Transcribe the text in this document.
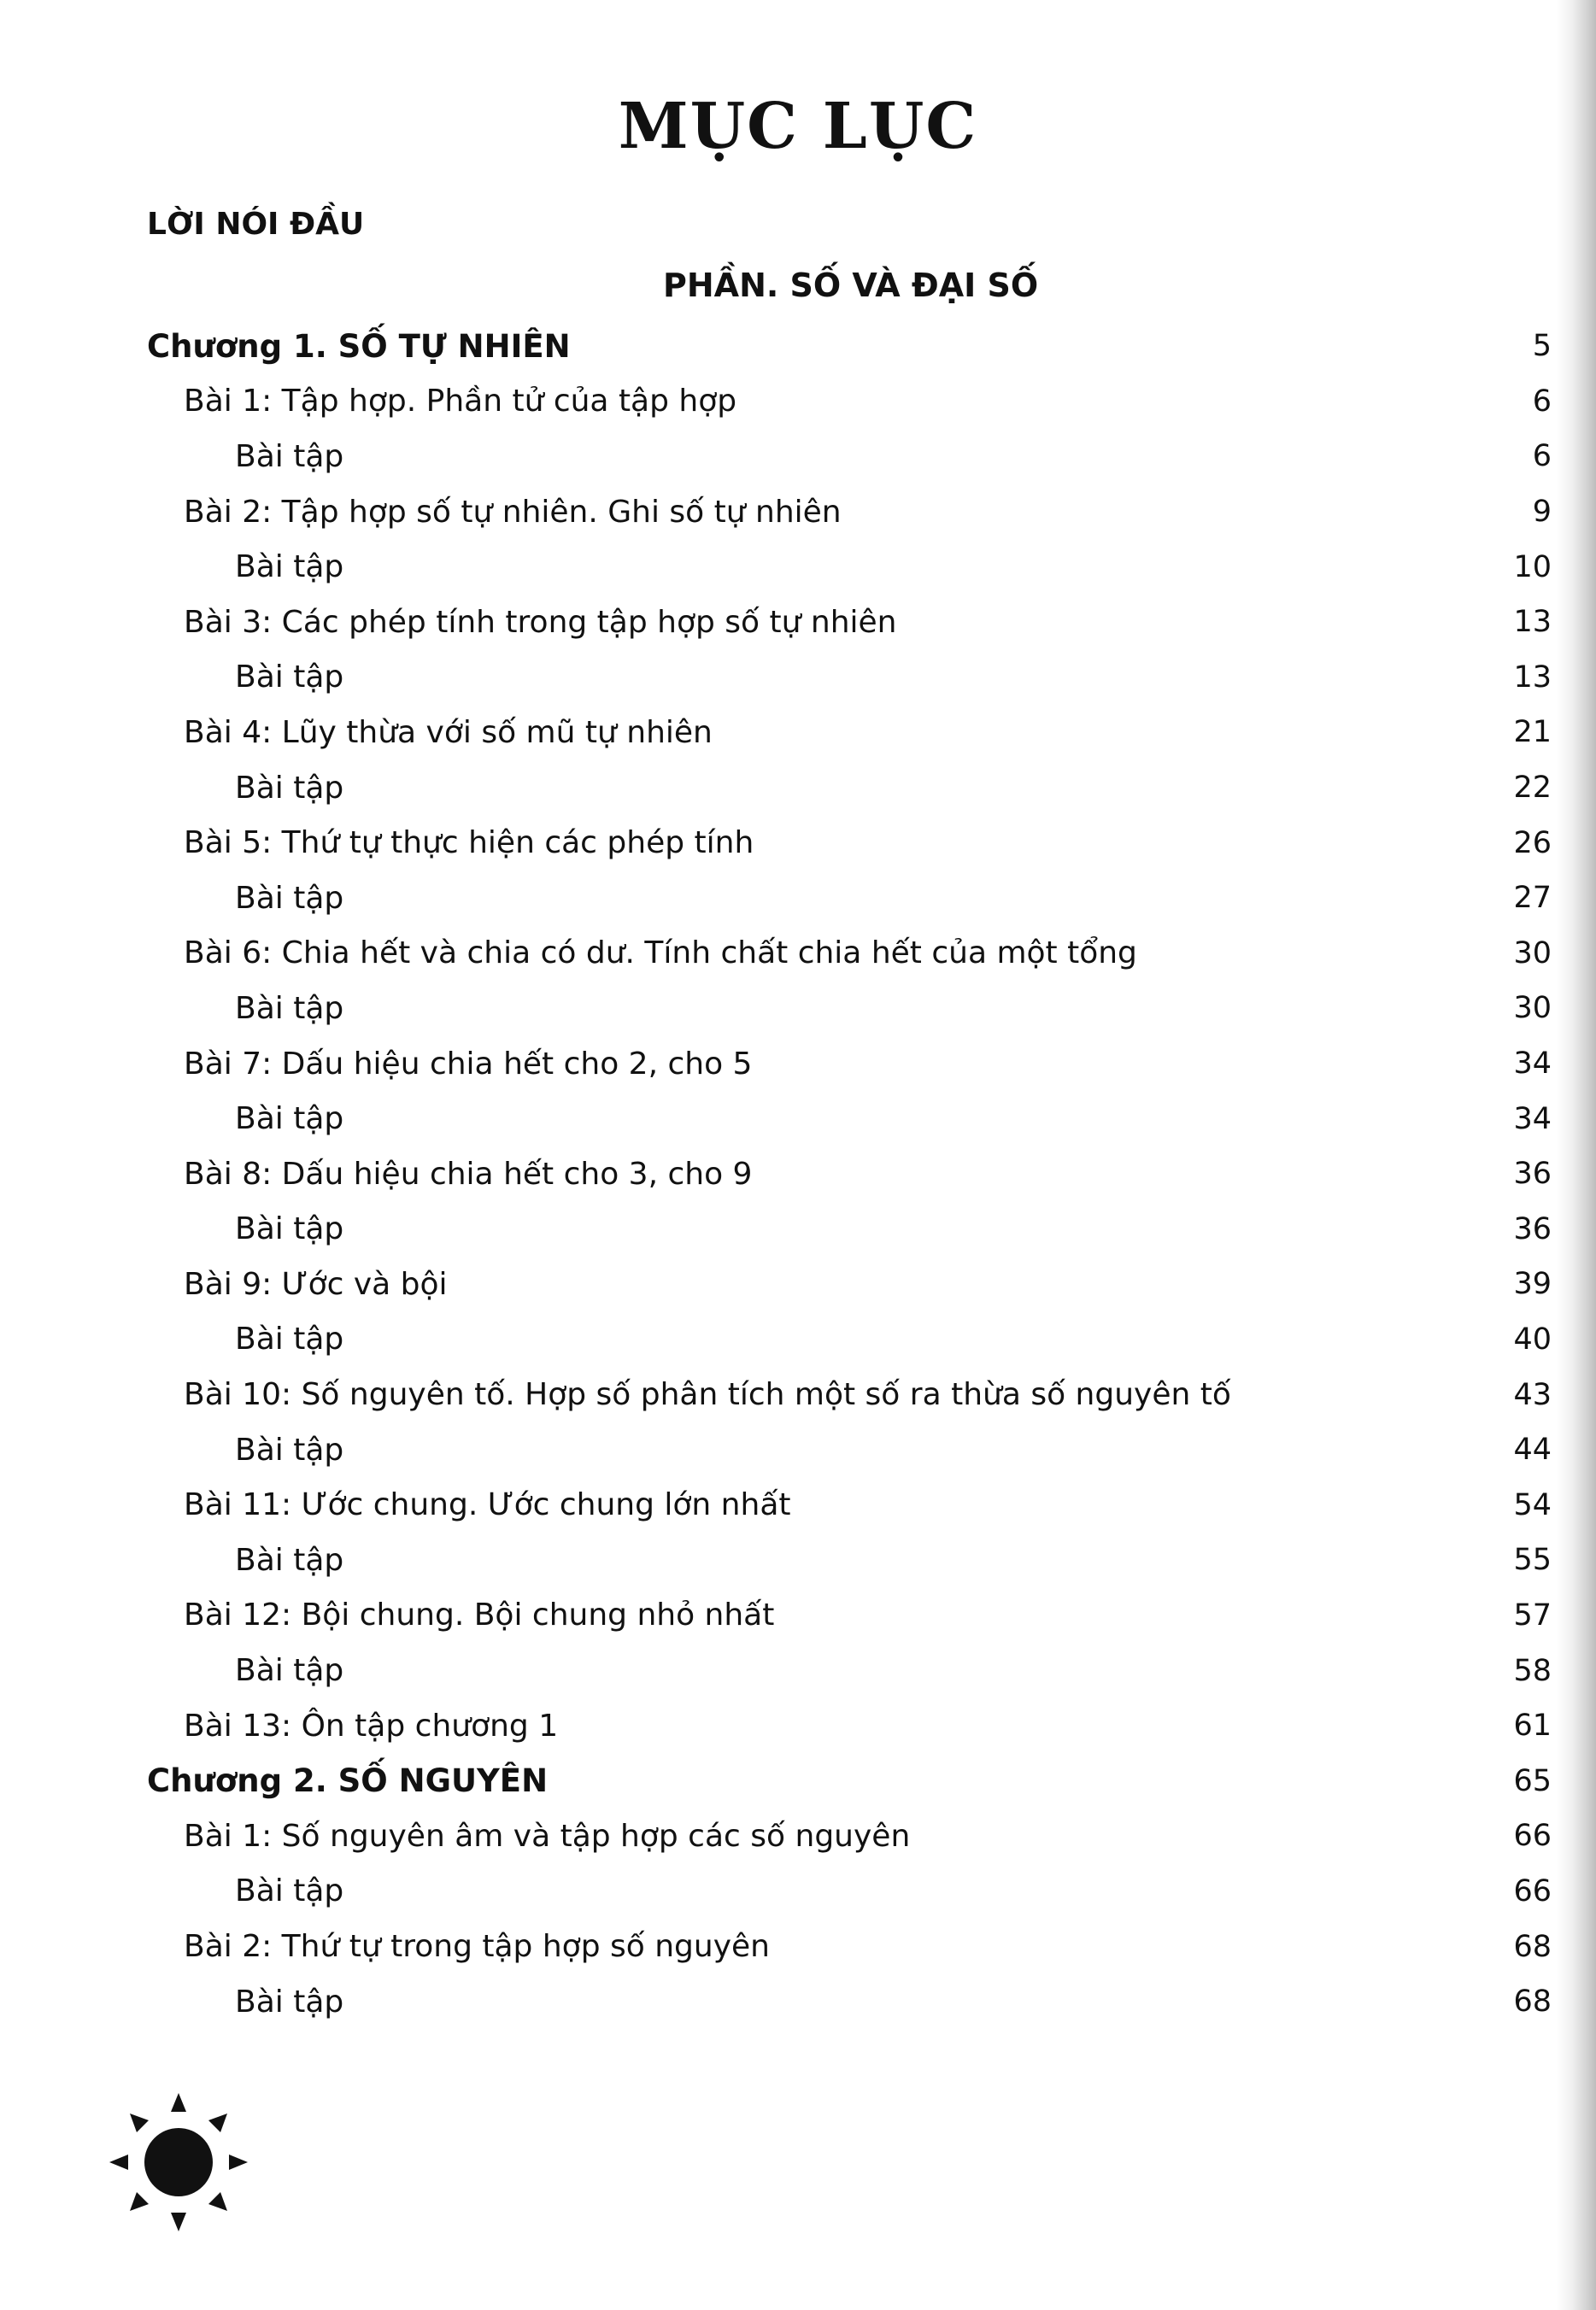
MỤC LỤC
LỜI NÓI ĐẦU
PHẦN. SỐ VÀ ĐẠI SỐ
Chương 1. SỐ TỰ NHIÊN	5
Bài 1: Tập hợp. Phần tử của tập hợp	6
Bài tập	6
Bài 2: Tập hợp số tự nhiên. Ghi số tự nhiên	9
Bài tập	10
Bài 3: Các phép tính trong tập hợp số tự nhiên	13
Bài tập	13
Bài 4: Lũy thừa với số mũ tự nhiên	21
Bài tập	22
Bài 5: Thứ tự thực hiện các phép tính	26
Bài tập	27
Bài 6: Chia hết và chia có dư. Tính chất chia hết của một tổng	30
Bài tập	30
Bài 7: Dấu hiệu chia hết cho 2, cho 5	34
Bài tập	34
Bài 8: Dấu hiệu chia hết cho 3, cho 9	36
Bài tập	36
Bài 9: Ước và bội	39
Bài tập	40
Bài 10: Số nguyên tố. Hợp số phân tích một số ra thừa số nguyên tố	43
Bài tập	44
Bài 11: Ước chung. Ước chung lớn nhất	54
Bài tập	55
Bài 12: Bội chung. Bội chung nhỏ nhất	57
Bài tập	58
Bài 13: Ôn tập chương 1	61
Chương 2. SỐ NGUYÊN	65
Bài 1: Số nguyên âm và tập hợp các số nguyên	66
Bài tập	66
Bài 2: Thứ tự trong tập hợp số nguyên	68
Bài tập	68
